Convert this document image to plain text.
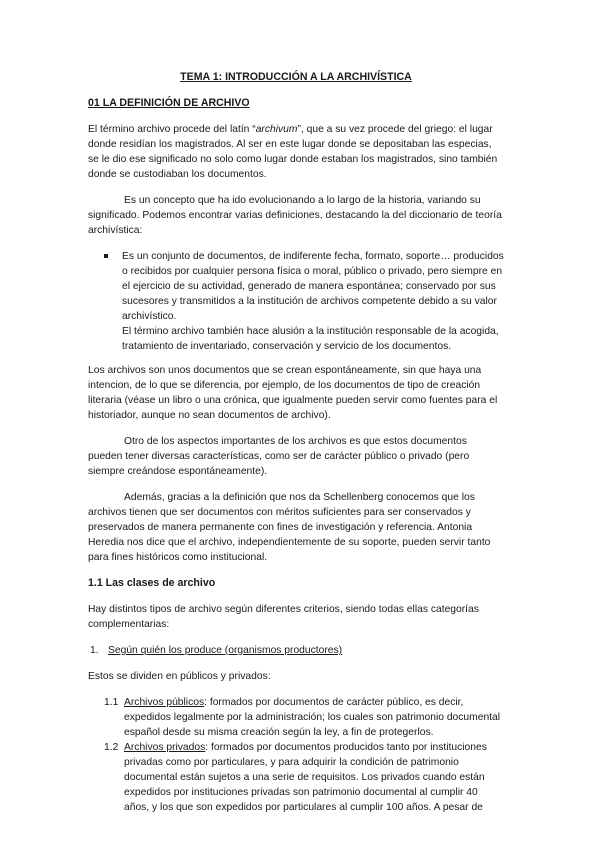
TEMA 1: INTRODUCCIÓN A LA ARCHIVÍSTICA
01 LA DEFINICIÓN DE ARCHIVO

El término archivo procede del latín “archivum”, que a su vez procede del griego: el lugar donde residían los magistrados. Al ser en este lugar donde se depositaban las especias, se le dio ese significado no solo como lugar donde estaban los magistrados, sino también donde se custodiaban los documentos.

Es un concepto que ha ido evolucionando a lo largo de la historia, variando su significado. Podemos encontrar varias definiciones, destacando la del diccionario de teoría archivística:

Es un conjunto de documentos, de indiferente fecha, formato, soporte… producidos o recibidos por cualquier persona física o moral, público o privado, pero siempre en el ejercicio de su actividad, generado de manera espontánea; conservado por sus sucesores y transmitidos a la institución de archivos competente debido a su valor archivístico.
El término archivo también hace alusión a la institución responsable de la acogida, tratamiento de inventariado, conservación y servicio de los documentos.

Los archivos son unos documentos que se crean espontáneamente, sin que haya una intencion, de lo que se diferencia, por ejemplo, de los documentos de tipo de creación literaria (véase un libro o una crónica, que igualmente pueden servir como fuentes para el historiador, aunque no sean documentos de archivo).

Otro de los aspectos importantes de los archivos es que estos documentos pueden tener diversas características, como ser de carácter público o privado (pero siempre creándose espontáneamente).

Además, gracias a la definición que nos da Schellenberg conocemos que los archivos tienen que ser documentos con méritos suficientes para ser conservados y preservados de manera permanente con fines de investigación y referencia. Antonia Heredia nos dice que el archivo, independientemente de su soporte, pueden servir tanto para fines históricos como institucional.

1.1 Las clases de archivo

Hay distintos tipos de archivo según diferentes criterios, siendo todas ellas categorías complementarias:

1. Según quién los produce (organismos productores)

Estos se dividen en públicos y privados:

1.1 Archivos públicos: formados por documentos de carácter público, es decir, expedidos legalmente por la administración; los cuales son patrimonio documental español desde su misma creación según la ley, a fin de protegerlos.
1.2 Archivos privados: formados por documentos producidos tanto por instituciones privadas como por particulares, y para adquirir la condición de patrimonio documental están sujetos a una serie de requisitos. Los privados cuando están expedidos por instituciones privadas son patrimonio documental al cumplir 40 años, y los que son expedidos por particulares al cumplir 100 años. A pesar de
